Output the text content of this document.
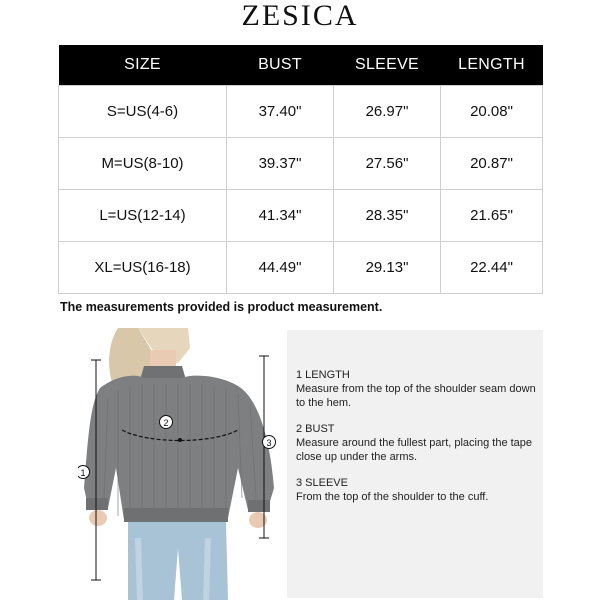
ZESICA
SIZE	BUST	SLEEVE	LENGTH
S=US(4-6)	37.40"	26.97"	20.08"
M=US(8-10)	39.37"	27.56"	20.87"
L=US(12-14)	41.34"	28.35"	21.65"
XL=US(16-18)	44.49"	29.13"	22.44"
The measurements provided is product measurement.
1
2
3
1 LENGTH
Measure from the top of the shoulder seam down to the hem.
2 BUST
Measure around the fullest part, placing the tape close up under the arms.
3 SLEEVE
From the top of the shoulder to the cuff.
